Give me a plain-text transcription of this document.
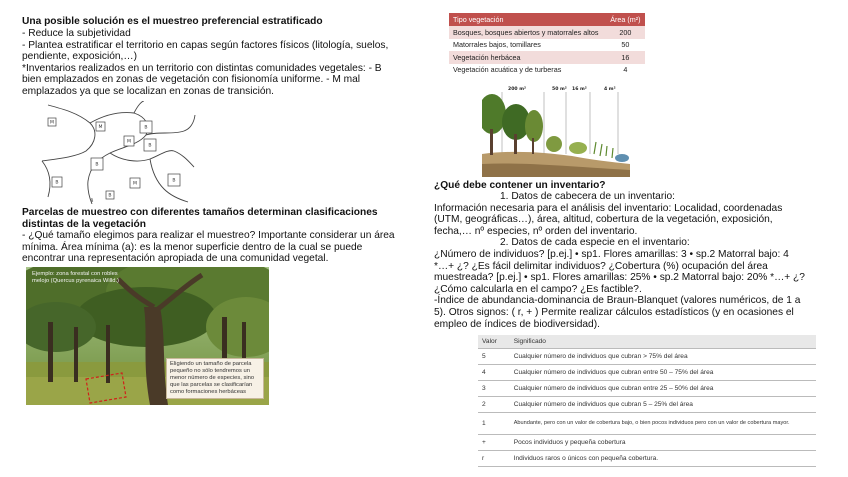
Una posible solución es el muestreo preferencial estratificado
- Reduce la subjetividad
- Plantea estratificar el territorio en capas según factores físicos (litología, suelos,
pendiente, exposición,…)
*Inventarios realizados en un territorio con distintas comunidades vegetales: - B
bien emplazados en zonas de vegetación con fisionomía uniforme. - M mal
emplazados ya que se localizan en zonas de transición.
M
M	B
M
B
B
B
B	M
B
B
Parcelas de muestreo con diferentes tamaños determinan clasificaciones
distintas de la vegetación
- ¿Qué tamaño elegimos para realizar el muestreo? Importante considerar un área
mínima. Área mínima (a): es la menor superficie dentro de la cual se puede
encontrar una representación apropiada de una comunidad vegetal.
Ejemplo: zona forestal con robles
melojo (Quercus pyrenaica Willd.)
Eligiendo un tamaño de parcela
pequeño no sólo tendremos un
menor número de especies, sino
que las parcelas se clasificarían
como formaciones herbáceas
Tipo vegetación	Área (m²)
Bosques, bosques abiertos y matorrales altos	200
Matorrales bajos, tomillares	50
Vegetación herbácea	16
Vegetación acuática y de turberas	4
200 m²	50 m² 16 m²	4 m²
¿Qué debe contener un inventario?
1. Datos de cabecera de un inventario:
Información necesaria para el análisis del inventario: Localidad, coordenadas
(UTM, geográficas…), área, altitud, cobertura de la vegetación, exposición,
fecha,… nº especies, nº orden del inventario.
2. Datos de cada especie en el inventario:
¿Número de individuos? [p.ej.] • sp1. Flores amarillas: 3 • sp.2 Matorral bajo: 4
*…+ ¿? ¿Es fácil delimitar individuos? ¿Cobertura (%) ocupación del área
muestreada? [p.ej.] • sp1. Flores amarillas: 25% • sp.2 Matorral bajo: 20% *…+ ¿?
¿Cómo calcularla en el campo? ¿Es factible?.
-Índice de abundancia-dominancia de Braun-Blanquet (valores numéricos, de 1 a
5). Otros signos: ( r, + ) Permite realizar cálculos estadísticos (y en ocasiones el
empleo de índices de biodiversidad).
Valor	Significado
5	Cualquier número de individuos que cubran > 75% del área
4	Cualquier número de individuos que cubran entre 50 – 75% del área
3	Cualquier número de individuos que cubran entre 25 – 50% del área
2	Cualquier número de individuos que cubran 5 – 25% del área
1	Abundante, pero con un valor de cobertura bajo, o bien pocos individuos pero con un valor de cobertura mayor.
+	Pocos individuos y pequeña cobertura
r	Individuos raros o únicos con pequeña cobertura.
